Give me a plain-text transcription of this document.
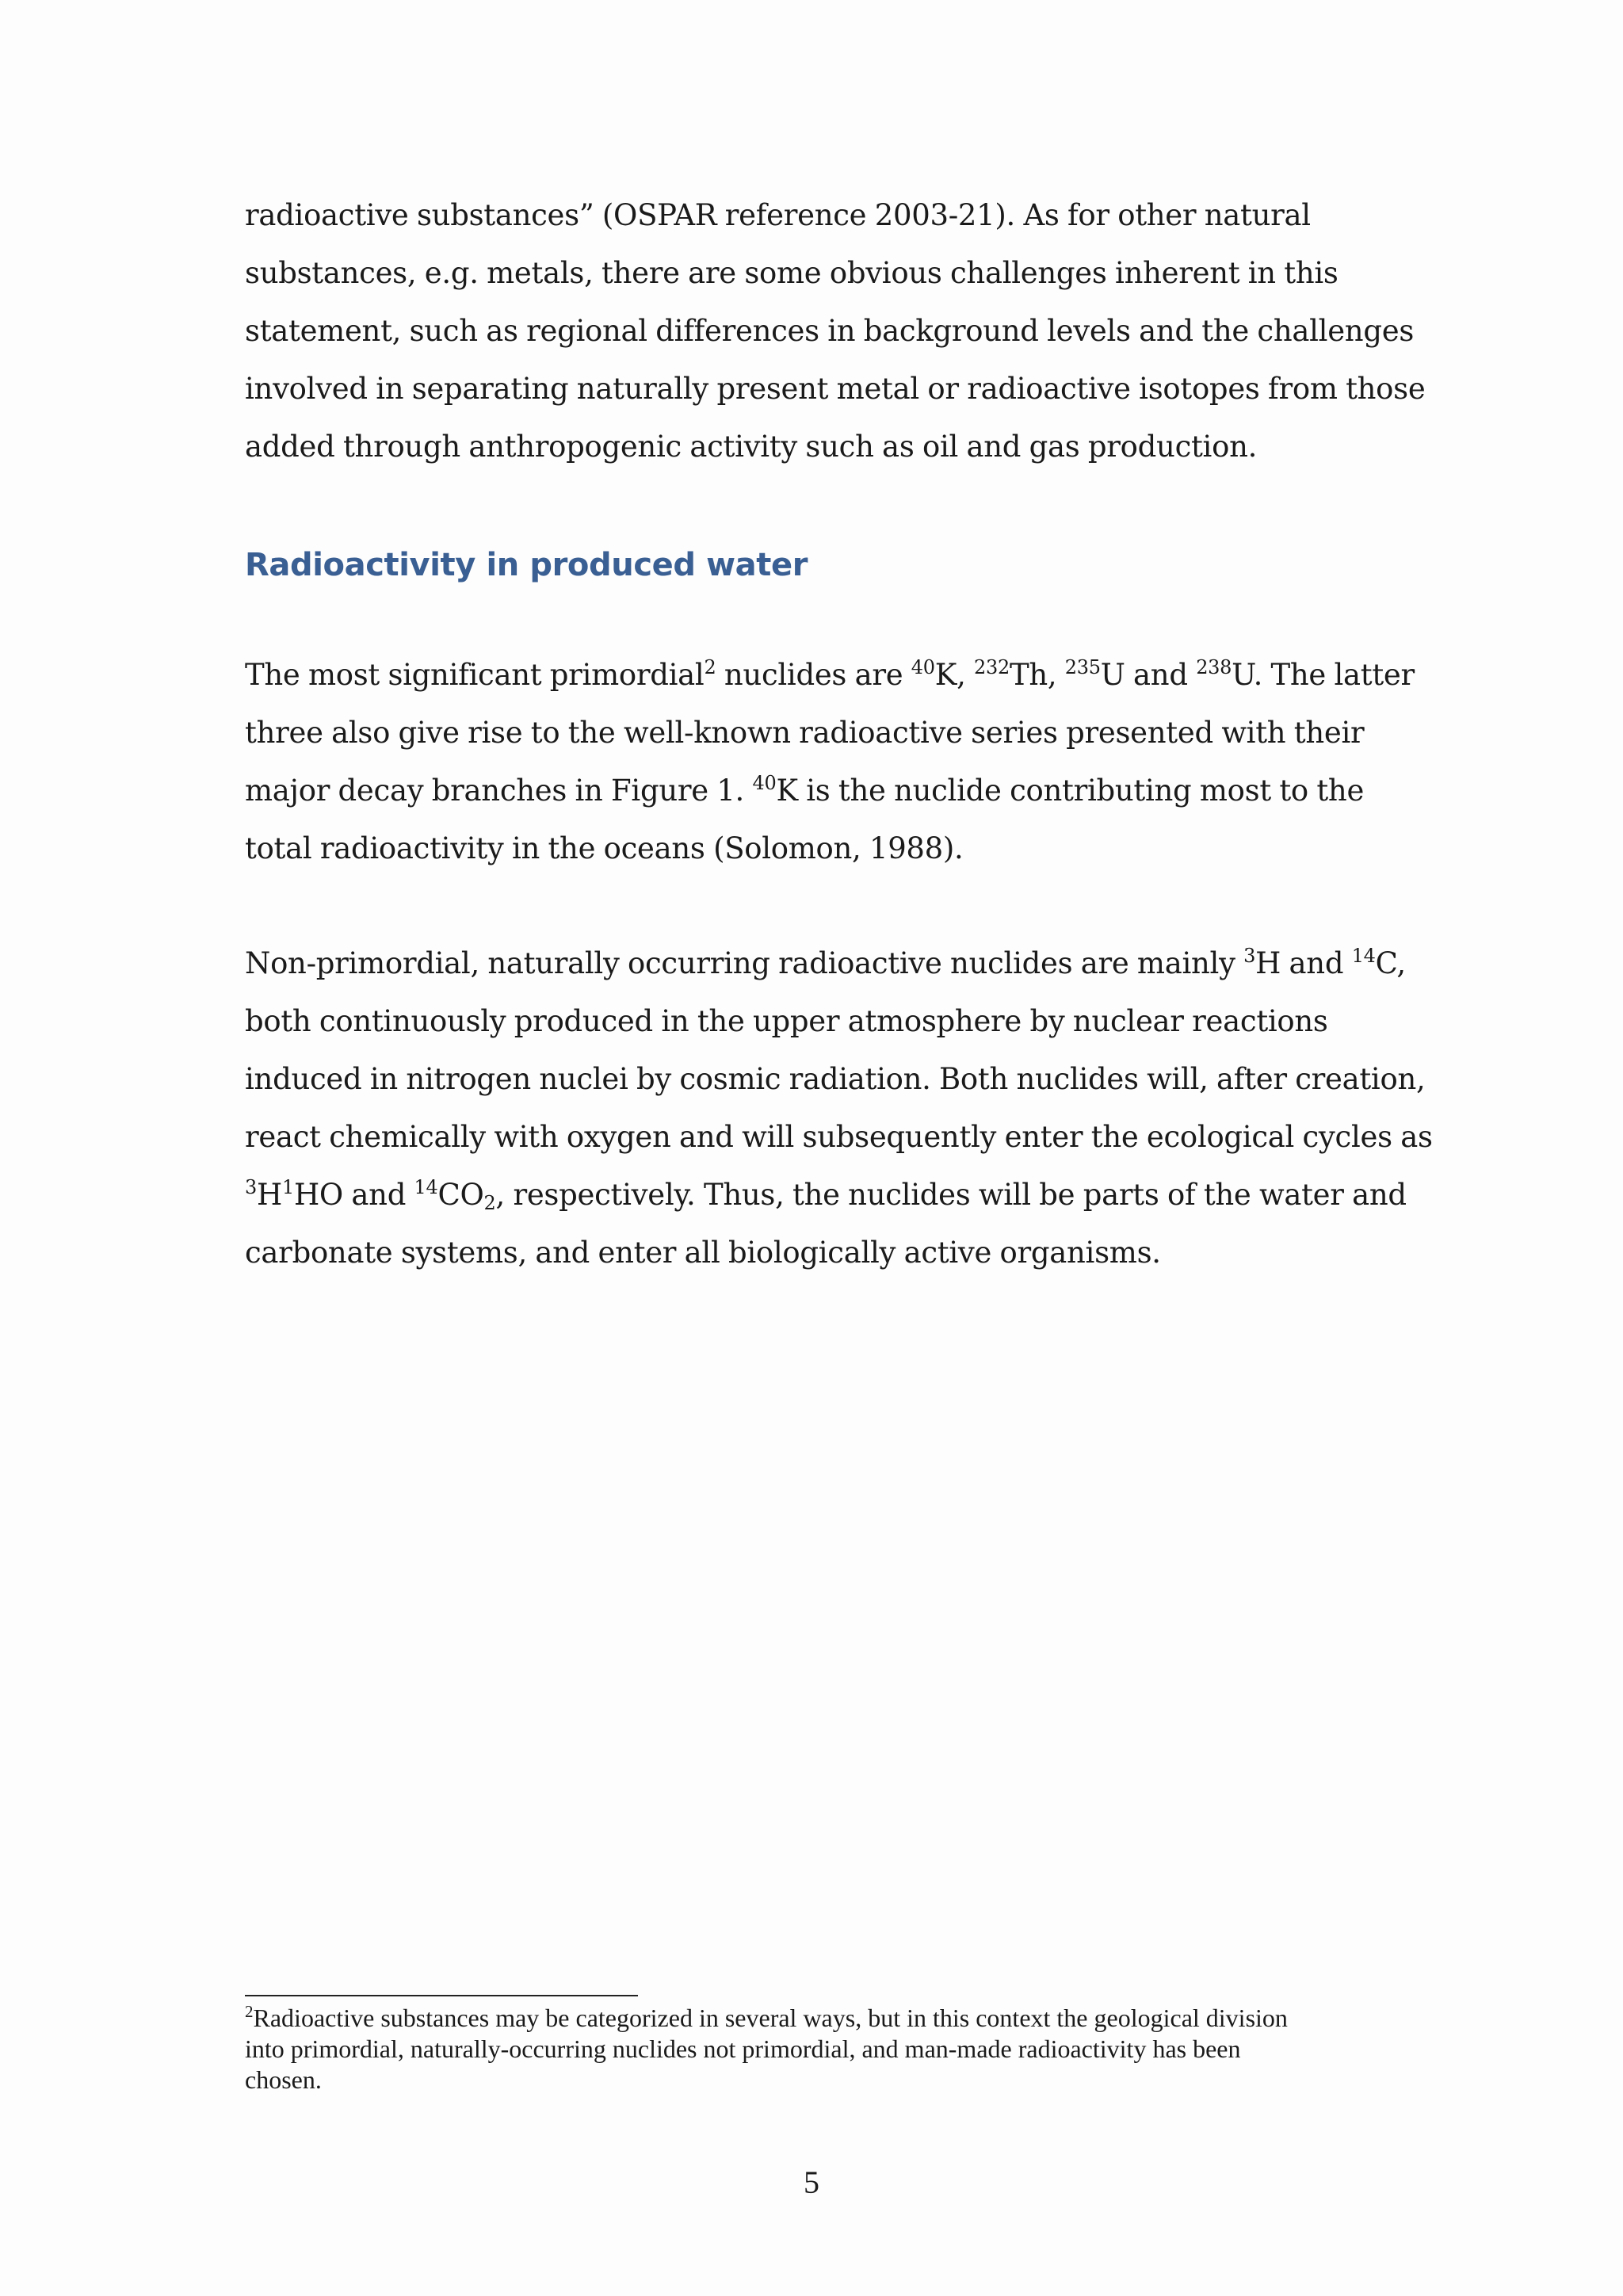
radioactive substances” (OSPAR reference 2003-21). As for other natural
substances, e.g. metals, there are some obvious challenges inherent in this
statement, such as regional differences in background levels and the challenges
involved in separating naturally present metal or radioactive isotopes from those
added through anthropogenic activity such as oil and gas production.
Radioactivity in produced water
The most significant primordial$^2$ nuclides are $^{40}$K, $^{232}$Th, $^{235}$U and $^{238}$U. The latter
three also give rise to the well-known radioactive series presented with their
major decay branches in Figure 1. $^{40}$K is the nuclide contributing most to the
total radioactivity in the oceans (Solomon, 1988).
Non-primordial, naturally occurring radioactive nuclides are mainly $^3$H and $^{14}$C,
both continuously produced in the upper atmosphere by nuclear reactions
induced in nitrogen nuclei by cosmic radiation. Both nuclides will, after creation,
react chemically with oxygen and will subsequently enter the ecological cycles as
$^3H^1HO$ and $^{14}CO_2$, respectively. Thus, the nuclides will be parts of the water and
carbonate systems, and enter all biologically active organisms.
$^2$Radioactive substances may be categorized in several ways, but in this context the geological division
into primordial, naturally-occurring nuclides not primordial, and man-made radioactivity has been
chosen.
5
